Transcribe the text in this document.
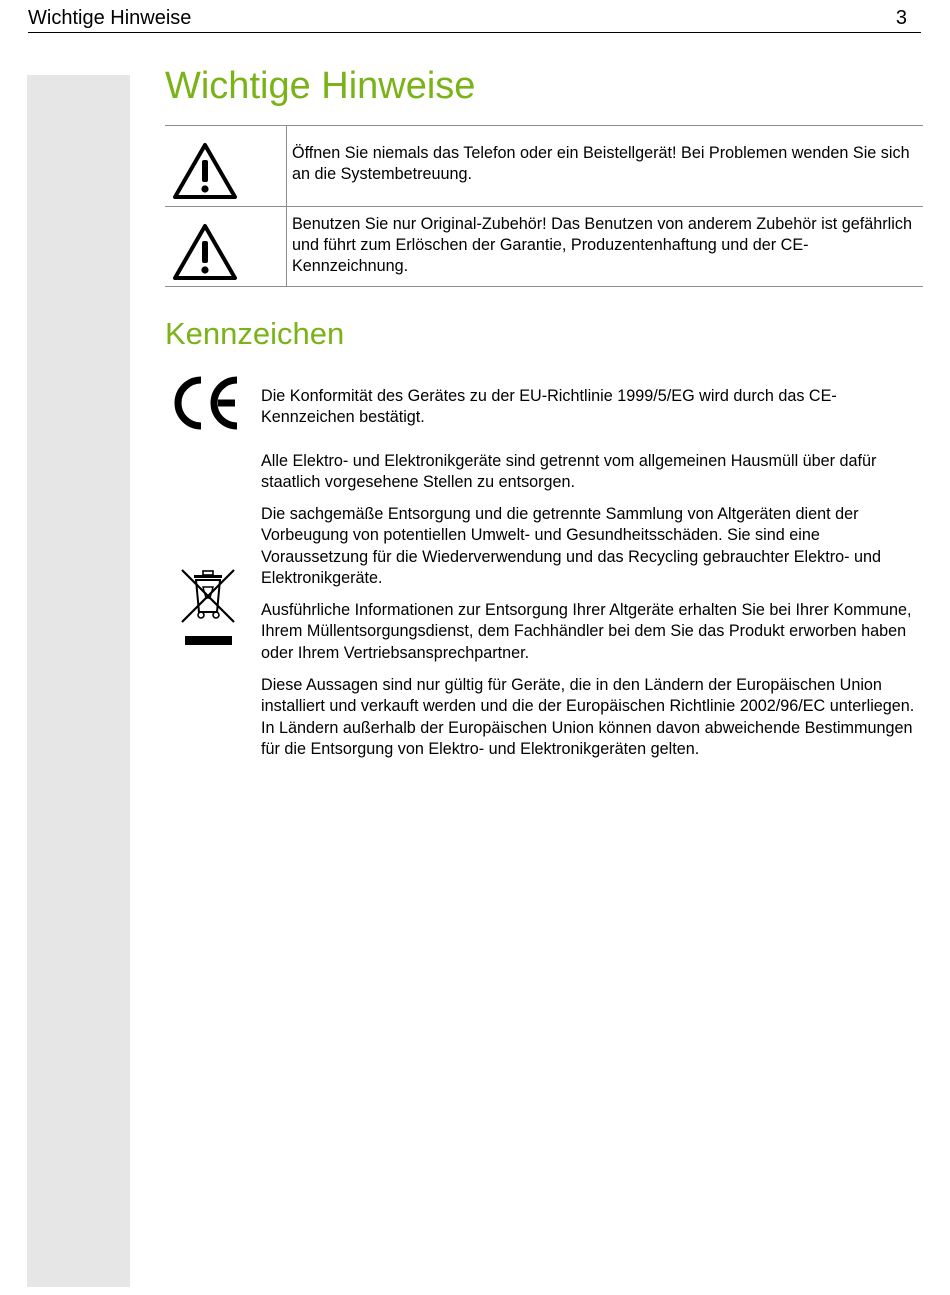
Wichtige Hinweise	3
Wichtige Hinweise
Öffnen Sie niemals das Telefon oder ein Beistellgerät! Bei Problemen wenden Sie sich an die Systembetreuung.
Benutzen Sie nur Original-Zubehör! Das Benutzen von anderem Zubehör ist gefährlich und führt zum Erlöschen der Garantie, Produzentenhaftung und der CE-Kennzeichnung.
Kennzeichen

Die Konformität des Gerätes zu der EU-Richtlinie 1999/5/EG wird durch das CE-Kennzeichen bestätigt.

Alle Elektro- und Elektronikgeräte sind getrennt vom allgemeinen Hausmüll über dafür staatlich vorgesehene Stellen zu entsorgen.

Die sachgemäße Entsorgung und die getrennte Sammlung von Altgeräten dient der Vorbeugung von potentiellen Umwelt- und Gesundheitsschäden. Sie sind eine Voraussetzung für die Wiederverwendung und das Recycling gebrauchter Elektro- und Elektronikgeräte.

Ausführliche Informationen zur Entsorgung Ihrer Altgeräte erhalten Sie bei Ihrer Kommune, Ihrem Müllentsorgungsdienst, dem Fachhändler bei dem Sie das Produkt erworben haben oder Ihrem Vertriebsansprechpartner.

Diese Aussagen sind nur gültig für Geräte, die in den Ländern der Europäischen Union installiert und verkauft werden und die der Europäischen Richtlinie 2002/96/EC unterliegen. In Ländern außerhalb der Europäischen Union können davon abweichende Bestimmungen für die Entsorgung von Elektro- und Elektronikgeräten gelten.
